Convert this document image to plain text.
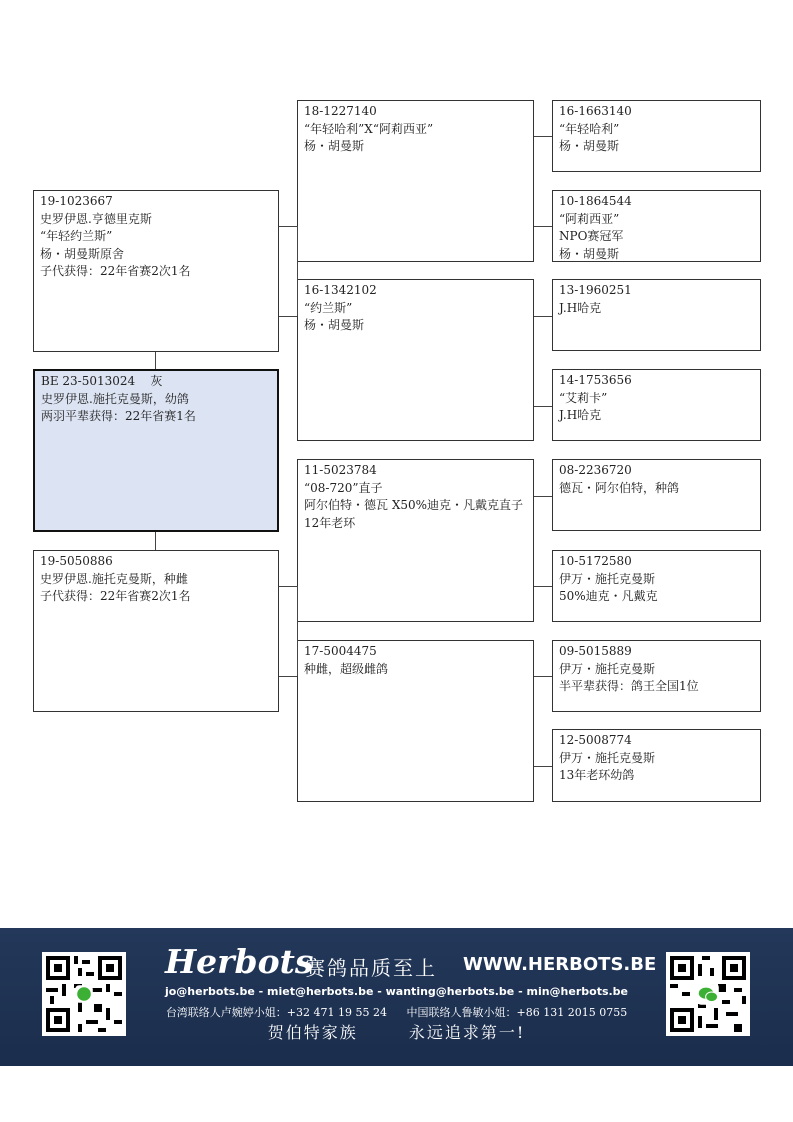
19-1023667
史罗伊恩.亨德里克斯
“年轻约兰斯”
杨・胡曼斯原舍
子代获得：22年省赛2次1名
BE 23-5013024    灰
史罗伊恩.施托克曼斯，幼鸽
两羽平辈获得：22年省赛1名
19-5050886
史罗伊恩.施托克曼斯，种雌
子代获得：22年省赛2次1名
18-1227140
“年轻哈利”X“阿莉西亚”
杨・胡曼斯
16-1342102
“约兰斯”
杨・胡曼斯
11-5023784
“08-720”直子
阿尔伯特・德瓦 X50%迪克・凡戴克直子
12年老环
17-5004475
种雌，超级雌鸽
16-1663140
“年轻哈利”
杨・胡曼斯
10-1864544
“阿莉西亚”
NPO赛冠军
杨・胡曼斯
13-1960251
J.H哈克
14-1753656
“艾莉卡”
J.H哈克
08-2236720
德瓦・阿尔伯特，种鸽
10-5172580
伊万・施托克曼斯
50%迪克・凡戴克
09-5015889
伊万・施托克曼斯
半平辈获得：鸽王全国1位
12-5008774
伊万・施托克曼斯
13年老环幼鸽
Herbots
赛鸽品质至上 WWW.HERBOTS.BE
jo@herbots.be - miet@herbots.be - wanting@herbots.be - min@herbots.be
台湾联络人卢婉婷小姐：+32 471 19 55 24 中国联络人鲁敏小姐：+86 131 2015 0755
贺伯特家族	永远追求第一!
